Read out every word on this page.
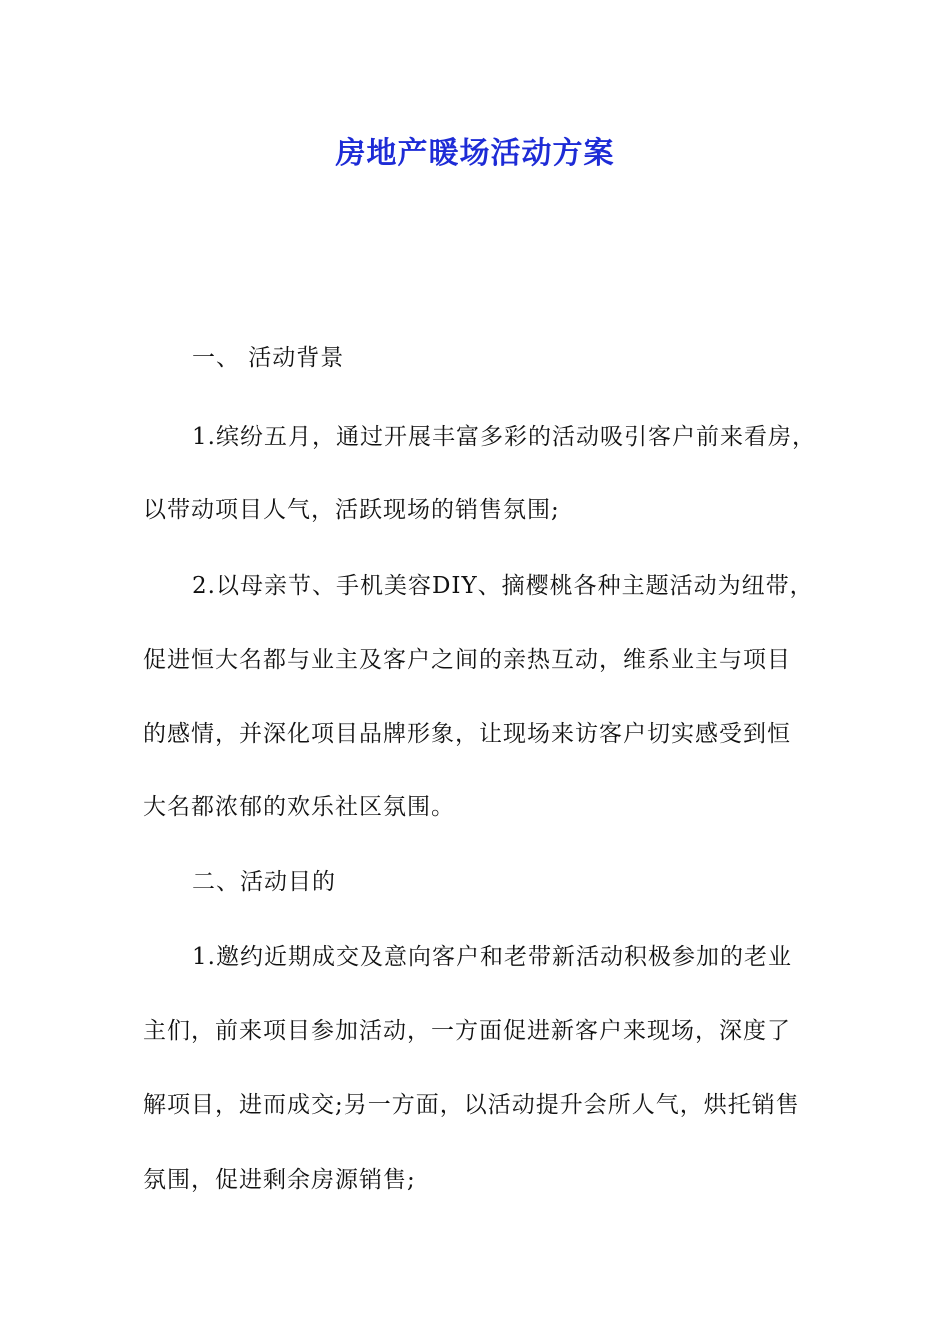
房地产暖场活动方案
一、 活动背景
1.缤纷五月，通过开展丰富多彩的活动吸引客户前来看房，
以带动项目人气，活跃现场的销售氛围;
2.以母亲节、手机美容DIY、摘樱桃各种主题活动为纽带，
促进恒大名都与业主及客户之间的亲热互动，维系业主与项目
的感情，并深化项目品牌形象，让现场来访客户切实感受到恒
大名都浓郁的欢乐社区氛围。
二、活动目的
1.邀约近期成交及意向客户和老带新活动积极参加的老业
主们，前来项目参加活动，一方面促进新客户来现场，深度了
解项目，进而成交;另一方面，以活动提升会所人气，烘托销售
氛围，促进剩余房源销售;
